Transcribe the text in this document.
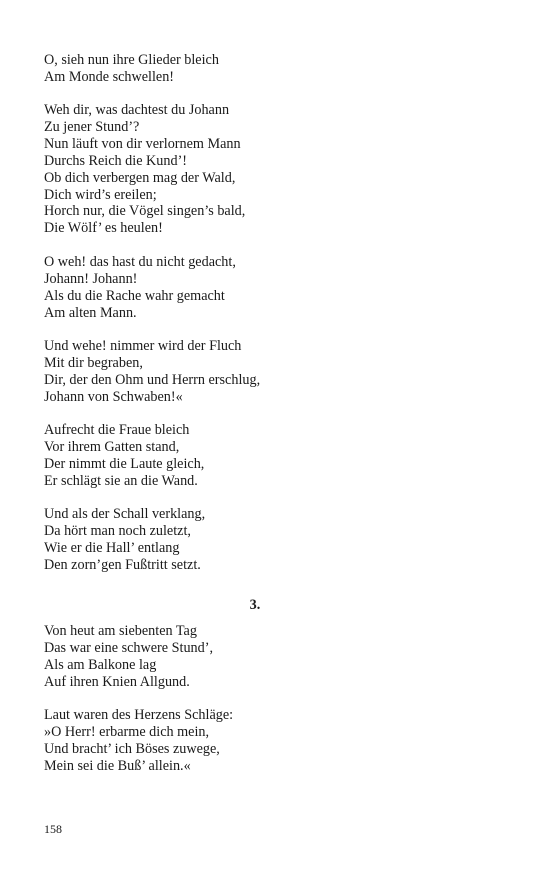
O, sieh nun ihre Glieder bleich
Am Monde schwellen!
Weh dir, was dachtest du Johann
Zu jener Stund’?
Nun läuft von dir verlornem Mann
Durchs Reich die Kund’!
Ob dich verbergen mag der Wald,
Dich wird’s ereilen;
Horch nur, die Vögel singen’s bald,
Die Wölf’ es heulen!
O weh! das hast du nicht gedacht,
Johann! Johann!
Als du die Rache wahr gemacht
Am alten Mann.
Und wehe! nimmer wird der Fluch
Mit dir begraben,
Dir, der den Ohm und Herrn erschlug,
Johann von Schwaben!«
Aufrecht die Fraue bleich
Vor ihrem Gatten stand,
Der nimmt die Laute gleich,
Er schlägt sie an die Wand.
Und als der Schall verklang,
Da hört man noch zuletzt,
Wie er die Hall’ entlang
Den zorn’gen Fußtritt setzt.
3.
Von heut am siebenten Tag
Das war eine schwere Stund’,
Als am Balkone lag
Auf ihren Knien Allgund.
Laut waren des Herzens Schläge:
»O Herr! erbarme dich mein,
Und bracht’ ich Böses zuwege,
Mein sei die Buß’ allein.«
158
